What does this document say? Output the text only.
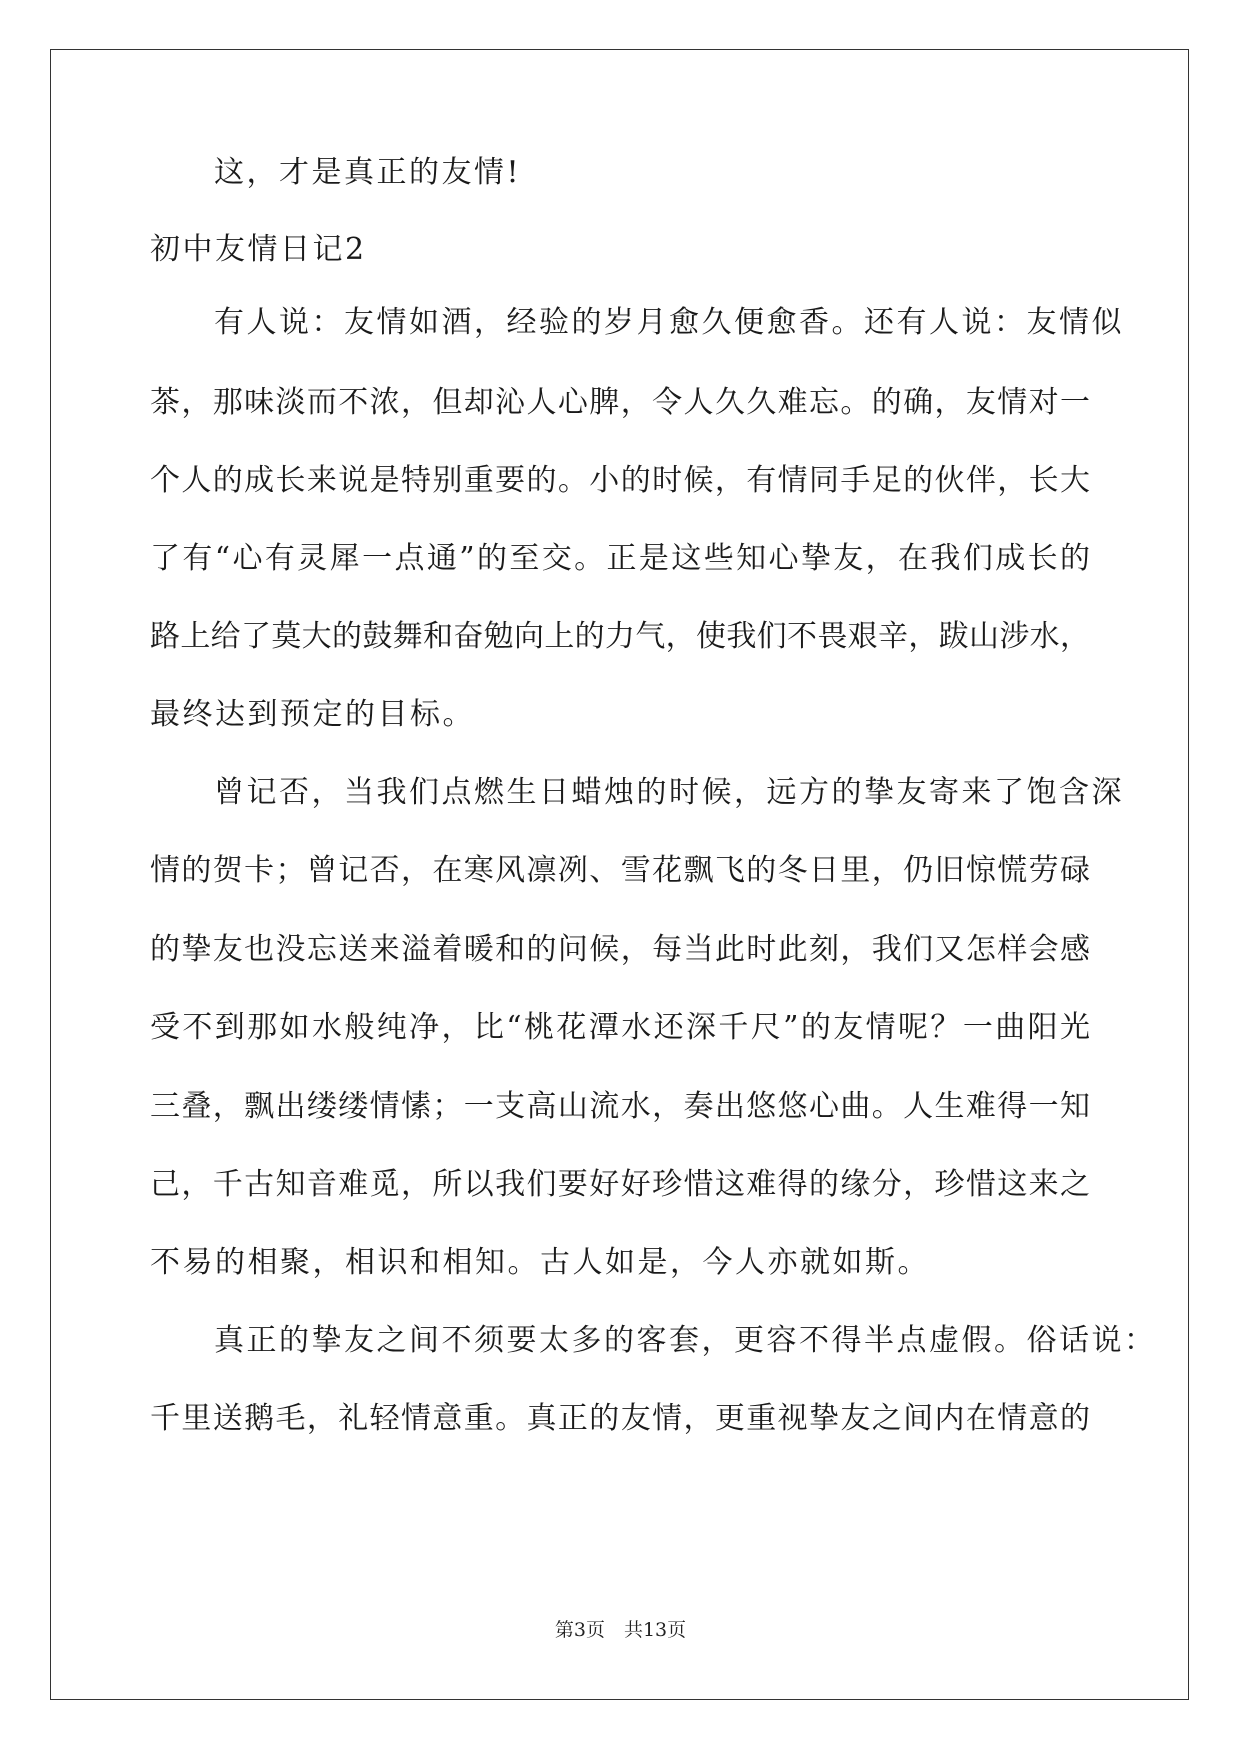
这，才是真正的友情!
初中友情日记2
有人说：友情如酒，经验的岁月愈久便愈香。还有人说：友情似
茶，那味淡而不浓，但却沁人心脾，令人久久难忘。的确，友情对一
个人的成长来说是特别重要的。小的时候，有情同手足的伙伴，长大
了有“心有灵犀一点通”的至交。正是这些知心挚友，在我们成长的
路上给了莫大的鼓舞和奋勉向上的力气，使我们不畏艰辛，跋山涉水，
最终达到预定的目标。
曾记否，当我们点燃生日蜡烛的时候，远方的挚友寄来了饱含深
情的贺卡；曾记否，在寒风凛冽、雪花飘飞的冬日里，仍旧惊慌劳碌
的挚友也没忘送来溢着暖和的问候，每当此时此刻，我们又怎样会感
受不到那如水般纯净，比“桃花潭水还深千尺”的友情呢？一曲阳光
三叠，飘出缕缕情愫；一支高山流水，奏出悠悠心曲。人生难得一知
己，千古知音难觅，所以我们要好好珍惜这难得的缘分，珍惜这来之
不易的相聚，相识和相知。古人如是，今人亦就如斯。
真正的挚友之间不须要太多的客套，更容不得半点虚假。俗话说：
千里送鹅毛，礼轻情意重。真正的友情，更重视挚友之间内在情意的
第3页　共13页
